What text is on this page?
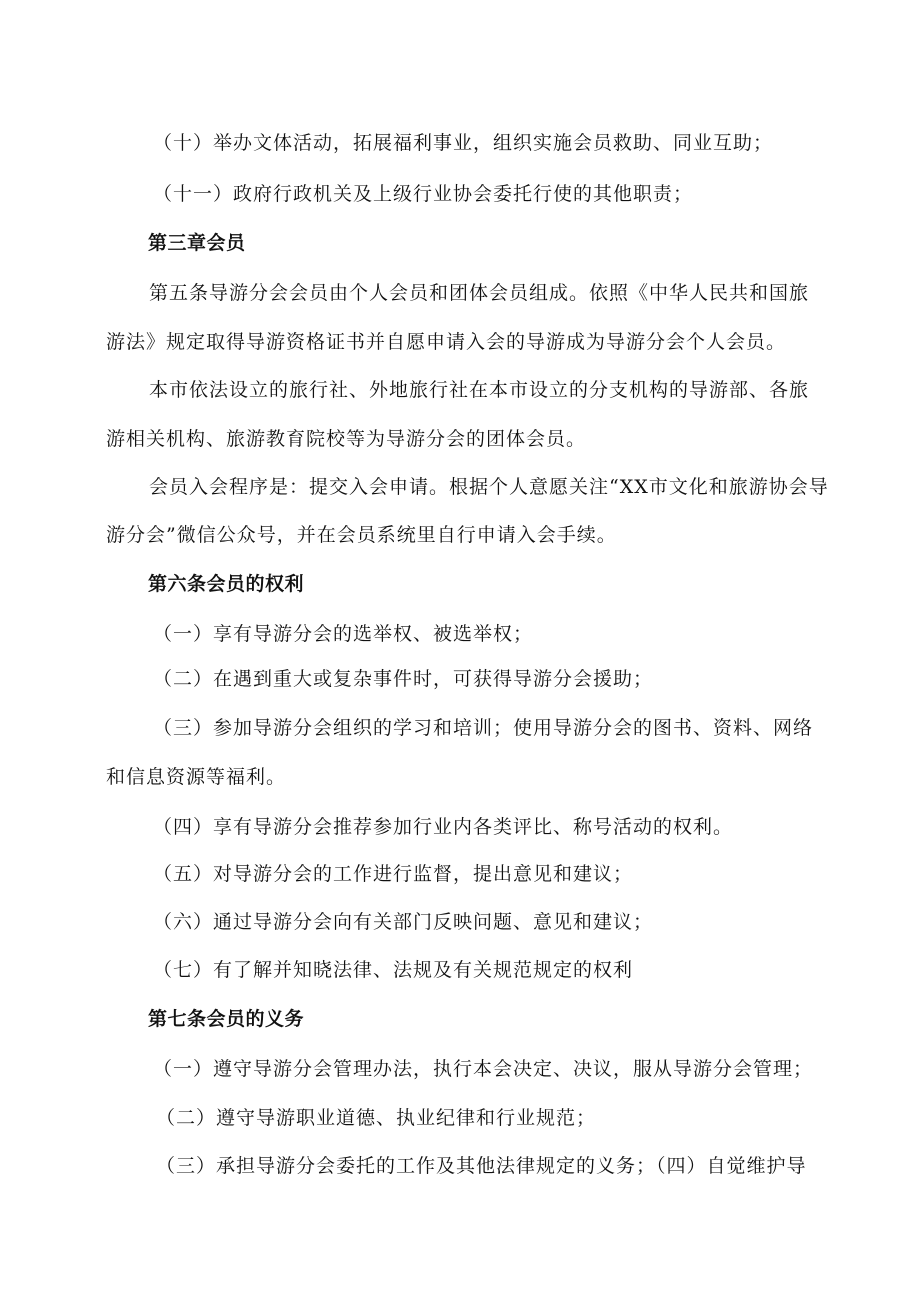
（十）举办文体活动，拓展福利事业，组织实施会员救助、同业互助；
（十一）政府行政机关及上级行业协会委托行使的其他职责；
第三章会员
第五条导游分会会员由个人会员和团体会员组成。依照《中华人民共和国旅
游法》规定取得导游资格证书并自愿申请入会的导游成为导游分会个人会员。
本市依法设立的旅行社、外地旅行社在本市设立的分支机构的导游部、各旅
游相关机构、旅游教育院校等为导游分会的团体会员。
会员入会程序是：提交入会申请。根据个人意愿关注“XX市文化和旅游协会导
游分会”微信公众号，并在会员系统里自行申请入会手续。
第六条会员的权利
（一）享有导游分会的选举权、被选举权；
（二）在遇到重大或复杂事件时，可获得导游分会援助；
（三）参加导游分会组织的学习和培训；使用导游分会的图书、资料、网络
和信息资源等福利。
（四）享有导游分会推荐参加行业内各类评比、称号活动的权利。
（五）对导游分会的工作进行监督，提出意见和建议；
（六）通过导游分会向有关部门反映问题、意见和建议；
（七）有了解并知晓法律、法规及有关规范规定的权利
第七条会员的义务
（一）遵守导游分会管理办法，执行本会决定、决议，服从导游分会管理；
（二）遵守导游职业道德、执业纪律和行业规范；
（三）承担导游分会委托的工作及其他法律规定的义务；（四）自觉维护导
